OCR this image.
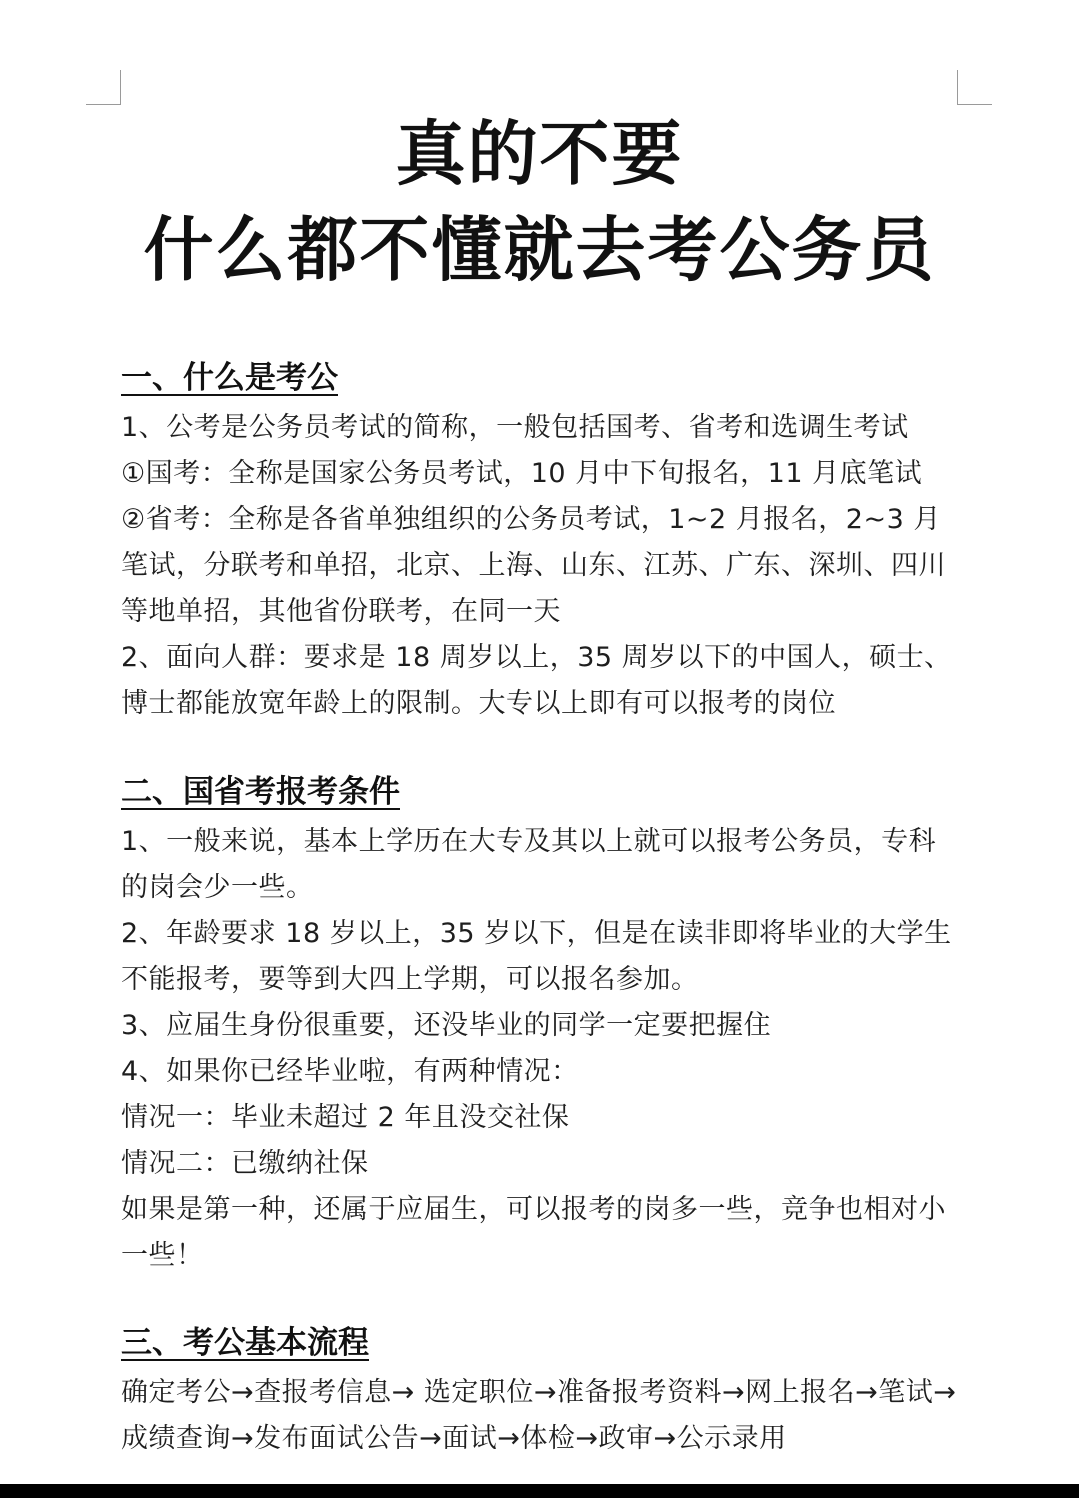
真的不要
什么都不懂就去考公务员
一、什么是考公

1、公考是公务员考试的简称，一般包括国考、省考和选调生考试

①国考：全称是国家公务员考试，10 月中下旬报名，11 月底笔试

②省考：全称是各省单独组织的公务员考试，1~2 月报名，2~3 月笔试，分联考和单招，北京、上海、山东、江苏、广东、深圳、四川等地单招，其他省份联考，在同一天

2、面向人群：要求是 18 周岁以上，35 周岁以下的中国人，硕士、博士都能放宽年龄上的限制。大专以上即有可以报考的岗位

二、国省考报考条件

1、一般来说，基本上学历在大专及其以上就可以报考公务员，专科的岗会少一些。

2、年龄要求 18 岁以上，35 岁以下，但是在读非即将毕业的大学生不能报考，要等到大四上学期，可以报名参加。

3、应届生身份很重要，还没毕业的同学一定要把握住

4、如果你已经毕业啦，有两种情况：

情况一：毕业未超过 2 年且没交社保

情况二：已缴纳社保

如果是第一种，还属于应届生，可以报考的岗多一些，竞争也相对小一些！

三、考公基本流程

确定考公→查报考信息→ 选定职位→准备报考资料→网上报名→笔试→成绩查询→发布面试公告→面试→体检→政审→公示录用
